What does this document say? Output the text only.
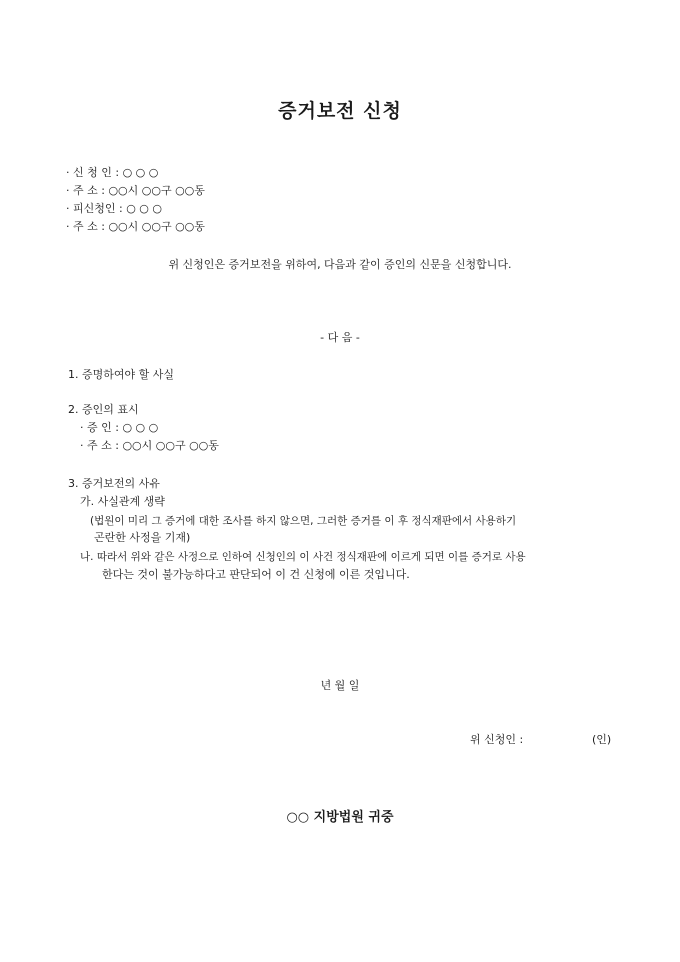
증거보전 신청
· 신 청 인 : ○ ○ ○
· 주 소 : ○○시 ○○구 ○○동
· 피신청인 : ○ ○ ○
· 주 소 : ○○시 ○○구 ○○동
위 신청인은 증거보전을 위하여, 다음과 같이 증인의 신문을 신청합니다.
- 다 음 -
1. 증명하여야 할 사실
2. 증인의 표시
· 증 인 : ○ ○ ○
· 주 소 : ○○시 ○○구 ○○동
3. 증거보전의 사유
가. 사실관계 생략
(법원이 미리 그 증거에 대한 조사를 하지 않으면, 그러한 증거를 이 후 정식재판에서 사용하기
곤란한 사정을 기재)
나. 따라서 위와 같은 사정으로 인하여 신청인의 이 사건 정식재판에 이르게 되면 이를 증거로 사용
한다는 것이 불가능하다고 판단되어 이 건 신청에 이른 것입니다.
년 월 일
위 신청인 :	(인)
○○ 지방법원 귀중
